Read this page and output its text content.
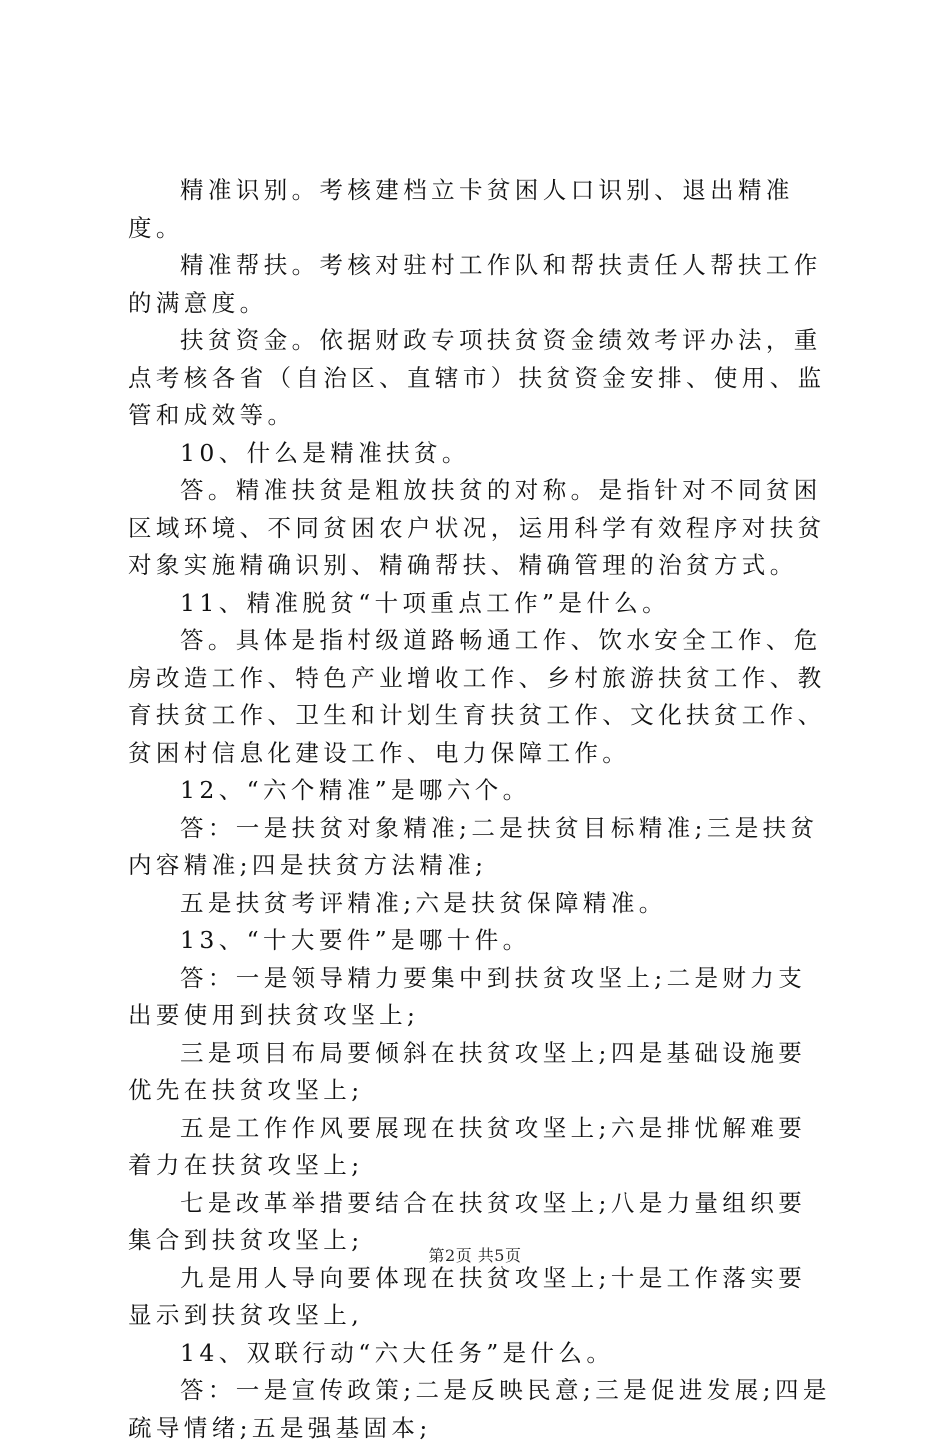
精准识别。考核建档立卡贫困人口识别、退出精准度。

精准帮扶。考核对驻村工作队和帮扶责任人帮扶工作的满意度。

扶贫资金。依据财政专项扶贫资金绩效考评办法，重点考核各省（自治区、直辖市）扶贫资金安排、使用、监管和成效等。

10、什么是精准扶贫。

答。精准扶贫是粗放扶贫的对称。是指针对不同贫困区域环境、不同贫困农户状况，运用科学有效程序对扶贫对象实施精确识别、精确帮扶、精确管理的治贫方式。

11、精准脱贫“十项重点工作”是什么。

答。具体是指村级道路畅通工作、饮水安全工作、危房改造工作、特色产业增收工作、乡村旅游扶贫工作、教育扶贫工作、卫生和计划生育扶贫工作、文化扶贫工作、贫困村信息化建设工作、电力保障工作。

12、“六个精准”是哪六个。

答：一是扶贫对象精准;二是扶贫目标精准;三是扶贫内容精准;四是扶贫方法精准;

五是扶贫考评精准;六是扶贫保障精准。

13、“十大要件”是哪十件。

答：一是领导精力要集中到扶贫攻坚上;二是财力支出要使用到扶贫攻坚上;

三是项目布局要倾斜在扶贫攻坚上;四是基础设施要优先在扶贫攻坚上;

五是工作作风要展现在扶贫攻坚上;六是排忧解难要着力在扶贫攻坚上;

七是改革举措要结合在扶贫攻坚上;八是力量组织要集合到扶贫攻坚上;

九是用人导向要体现在扶贫攻坚上;十是工作落实要显示到扶贫攻坚上,

14、双联行动“六大任务”是什么。

答：一是宣传政策;二是反映民意;三是促进发展;四是疏导情绪;五是强基固本;

第2页 共5页
